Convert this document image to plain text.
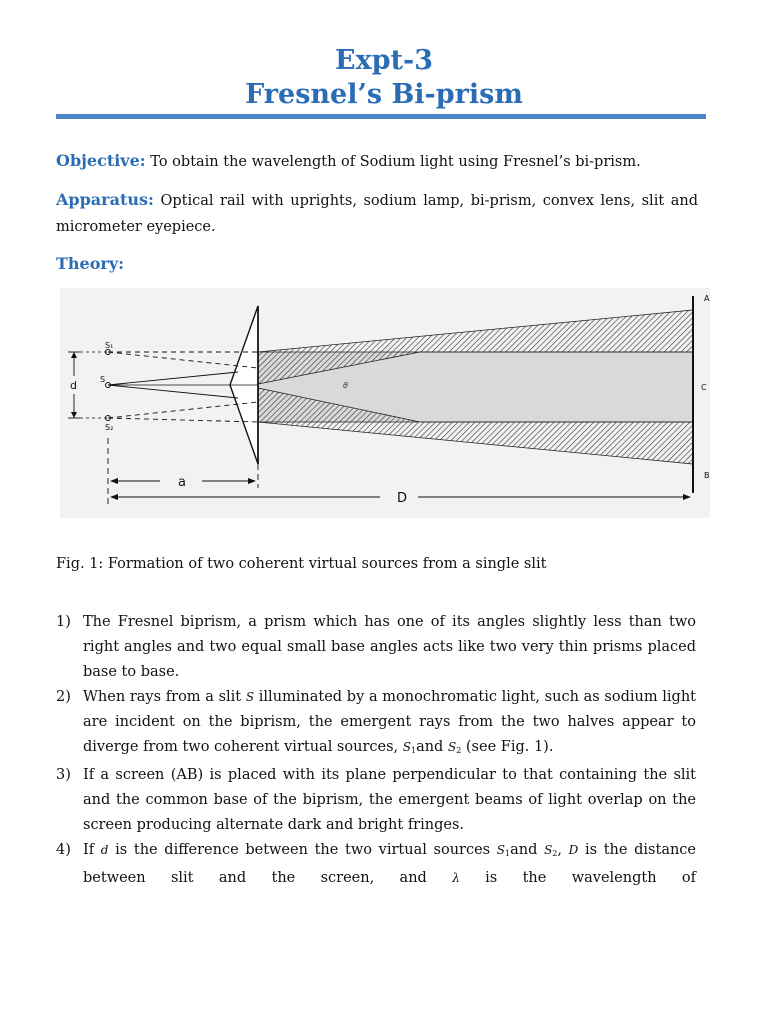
Expt-3
Fresnel’s Bi-prism
Objective: To obtain the wavelength of Sodium light using Fresnel’s bi-prism.
Apparatus: Optical rail with uprights, sodium lamp, bi-prism, convex lens, slit and micrometer eyepiece.
Theory:
d
S₁
S
S₂
θ
A
C
B
a
D
Fig. 1: Formation of two coherent virtual sources from a single slit
1) The Fresnel biprism, a prism which has one of its angles slightly less than two right angles and two equal small base angles acts like two very thin prisms placed base to base.
2) When rays from a slit S illuminated by a monochromatic light, such as sodium light are incident on the biprism, the emergent rays from the two halves appear to diverge from two coherent virtual sources, $S_1and$ $S_2$ (see Fig. 1).
3) If a screen (AB) is placed with its plane perpendicular to that containing the slit and the common base of the biprism, the emergent beams of light overlap on the screen producing alternate dark and bright fringes.
4) If d is the difference between the two virtual sources $S_1and$ $S_2$, D is the distance between slit and the screen, and λ is the wavelength of
